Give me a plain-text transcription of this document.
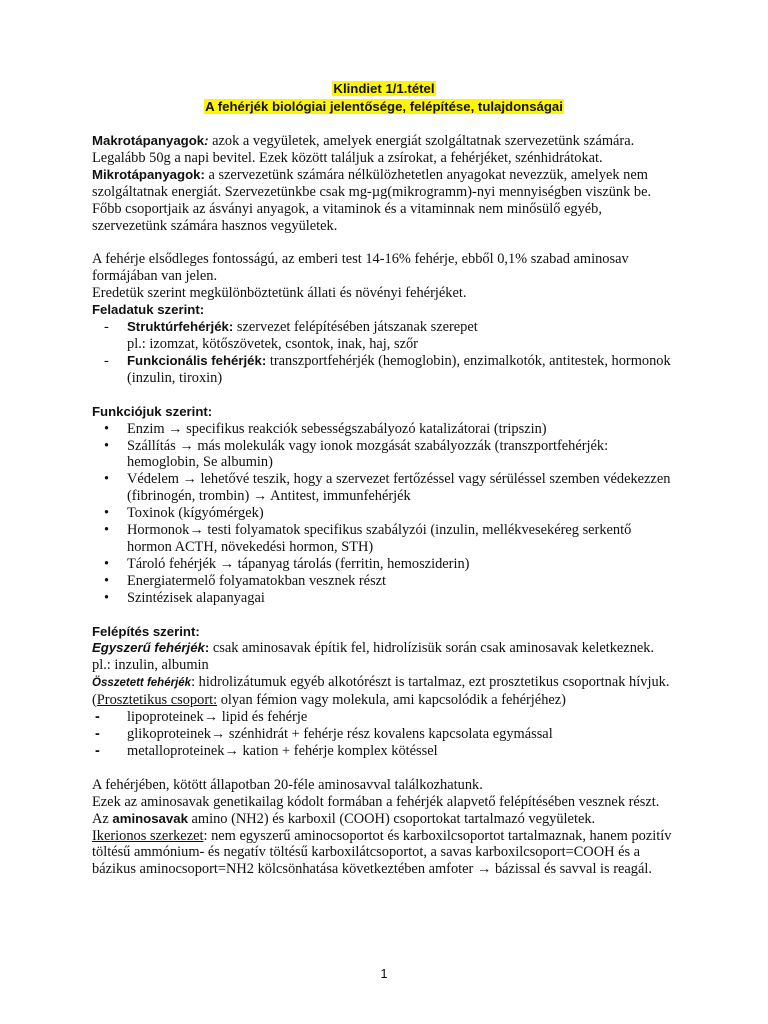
Klindiet 1/1.tétel
A fehérjék biológiai jelentősége, felépítése, tulajdonságai

Makrotápanyagok: azok a vegyületek, amelyek energiát szolgáltatnak szervezetünk számára. Legalább 50g a napi bevitel. Ezek között találjuk a zsírokat, a fehérjéket, szénhidrátokat.

Mikrotápanyagok: a szervezetünk számára nélkülözhetetlen anyagokat nevezzük, amelyek nem szolgáltatnak energiát. Szervezetünkbe csak mg-µg(mikrogramm)-nyi mennyiségben viszünk be. Főbb csoportjaik az ásványi anyagok, a vitaminok és a vitaminnak nem minősülő egyéb, szervezetünk számára hasznos vegyületek.

A fehérje elsődleges fontosságú, az emberi test 14-16% fehérje, ebből 0,1% szabad aminosav formájában van jelen.

Eredetük szerint megkülönböztetünk állati és növényi fehérjéket.

Feladatuk szerint:

- Struktúrfehérjék: szervezet felépítésében játszanak szerepet
pl.: izomzat, kötőszövetek, csontok, inak, haj, szőr
- Funkcionális fehérjék: transzportfehérjék (hemoglobin), enzimalkotók, antitestek, hormonok (inzulin, tiroxin)

Funkciójuk szerint:

• Enzim → specifikus reakciók sebességszabályozó katalizátorai (tripszin)
• Szállítás → más molekulák vagy ionok mozgását szabályozzák (transzportfehérjék: hemoglobin, Se albumin)
• Védelem → lehetővé teszik, hogy a szervezet fertőzéssel vagy sérüléssel szemben védekezzen (fibrinogén, trombin) → Antitest, immunfehérjék
• Toxinok (kígyómérgek)
• Hormonok→ testi folyamatok specifikus szabályzói (inzulin, mellékvesekéreg serkentő hormon ACTH, növekedési hormon, STH)
• Tároló fehérjék → tápanyag tárolás (ferritin, hemosziderin)
• Energiatermelő folyamatokban vesznek részt
• Szintézisek alapanyagai

Felépítés szerint:

Egyszerű fehérjék: csak aminosavak építik fel, hidrolízisük során csak aminosavak keletkeznek. pl.: inzulin, albumin

Összetett fehérjék: hidrolizátumuk egyéb alkotórészt is tartalmaz, ezt prosztetikus csoportnak hívjuk. (Prosztetikus csoport: olyan fémion vagy molekula, ami kapcsolódik a fehérjéhez)

- lipoproteinek→ lipid és fehérje
- glikoproteinek→ szénhidrát + fehérje rész kovalens kapcsolata egymással
- metalloproteinek→ kation + fehérje komplex kötéssel

A fehérjében, kötött állapotban 20-féle aminosavval találkozhatunk.

Ezek az aminosavak genetikailag kódolt formában a fehérjék alapvető felépítésében vesznek részt.

Az aminosavak amino (NH2) és karboxil (COOH) csoportokat tartalmazó vegyületek.

Ikerionos szerkezet: nem egyszerű aminocsoportot és karboxilcsoportot tartalmaznak, hanem pozitív töltésű ammónium- és negatív töltésű karboxilátcsoportot, a savas karboxilcsoport=COOH és a bázikus aminocsoport=NH2 kölcsönhatása következtében amfoter → bázissal és savval is reagál.

1
